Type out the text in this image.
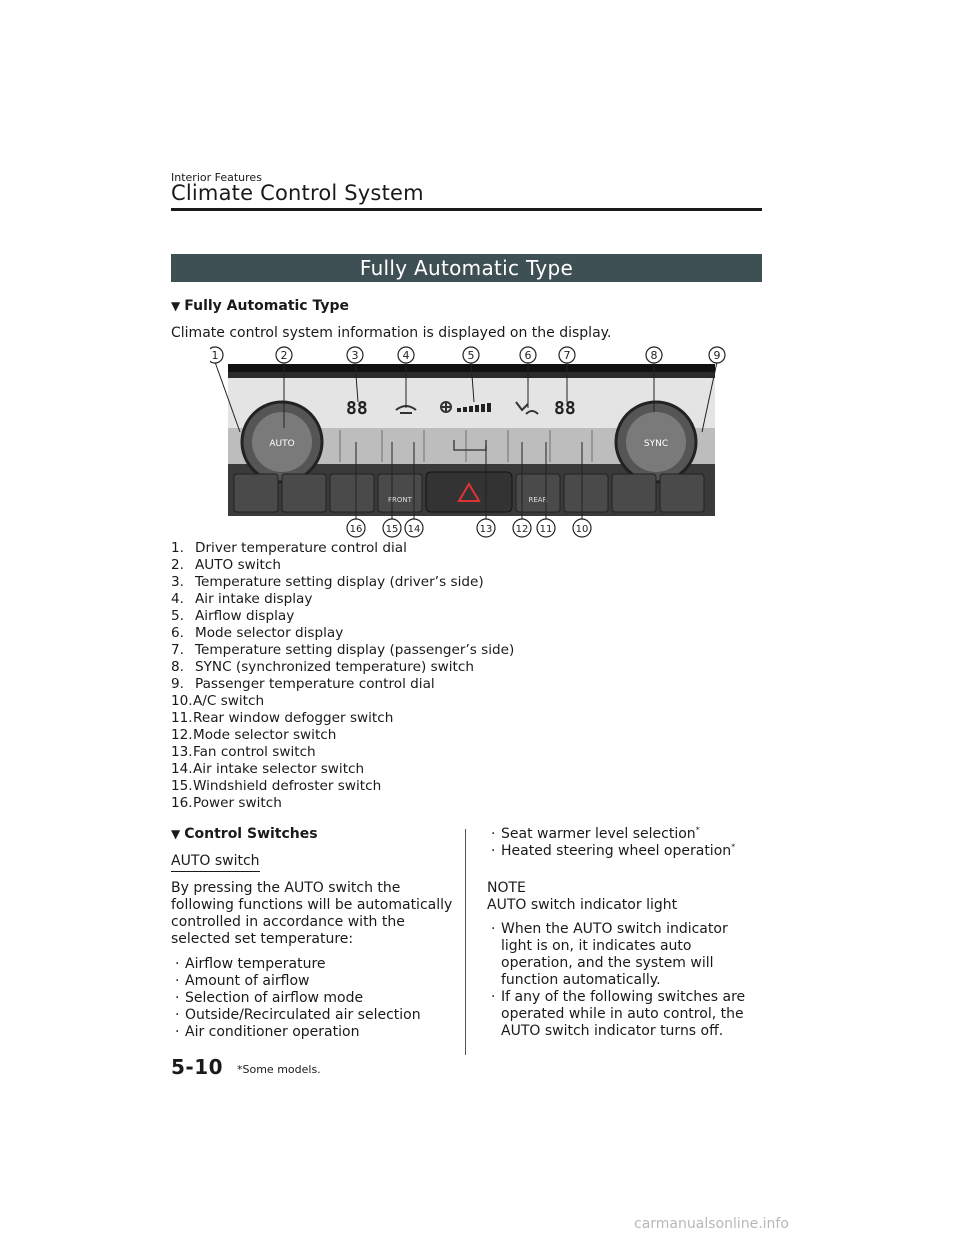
Interior Features
Climate Control System
Fully Automatic Type
▼ Fully Automatic Type
Climate control system information is displayed on the display.
88	88
AUTO	SYNC
FRONT	REAR
1	2	3	4	5	6	7	8	9
16 15 14	13 12 11 10
1. Driver temperature control dial
2. AUTO switch
3. Temperature setting display (driver’s side)
4. Air intake display
5. Airflow display
6. Mode selector display
7. Temperature setting display (passenger’s side)
8. SYNC (synchronized temperature) switch
9. Passenger temperature control dial
10.A/C switch
11.Rear window defogger switch
12.Mode selector switch
13.Fan control switch
14.Air intake selector switch
15.Windshield defroster switch
16.Power switch
▼ Control Switches
AUTO switch
By pressing the AUTO switch the following functions will be automatically controlled in accordance with the selected set temperature:
· Airflow temperature
· Amount of airflow
· Selection of airflow mode
· Outside/Recirculated air selection
· Air conditioner operation
· Seat warmer level selection*
· Heated steering wheel operation*
NOTE
AUTO switch indicator light
· When the AUTO switch indicator light is on, it indicates auto operation, and the system will function automatically.
· If any of the following switches are operated while in auto control, the AUTO switch indicator turns off.
5-10 *Some models.
carmanualsonline.info
